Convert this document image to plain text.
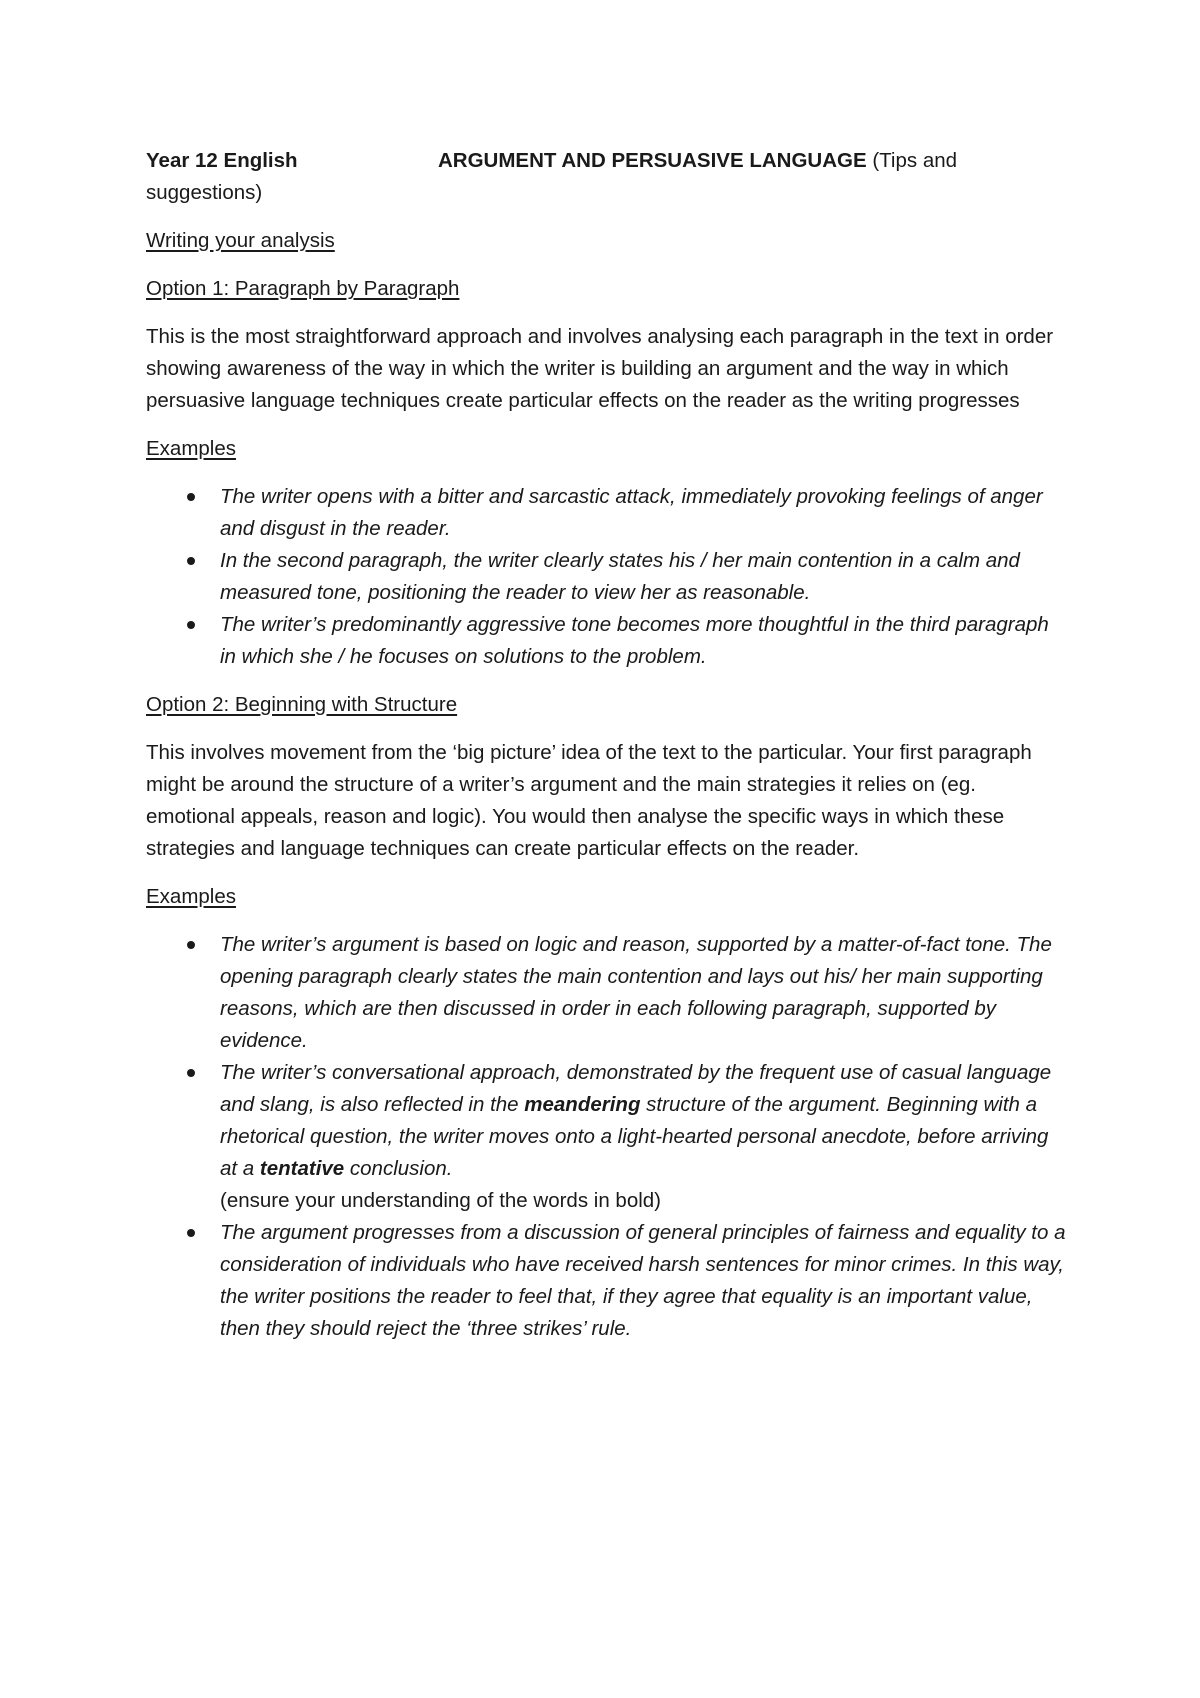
Year 12 English	ARGUMENT AND PERSUASIVE LANGUAGE (Tips and
suggestions)
Writing your analysis
Option 1: Paragraph by Paragraph
This is the most straightforward approach and involves analysing each paragraph in the text in order showing awareness of the way in which the writer is building an argument and the way in which persuasive language techniques create particular effects on the reader as the writing progresses
Examples
The writer opens with a bitter and sarcastic attack, immediately provoking feelings of anger and disgust in the reader.
In the second paragraph, the writer clearly states his / her main contention in a calm and measured tone, positioning the reader to view her as reasonable.
The writer’s predominantly aggressive tone becomes more thoughtful in the third paragraph in which she / he focuses on solutions to the problem.
Option 2: Beginning with Structure
This involves movement from the ‘big picture’ idea of the text to the particular. Your first paragraph might be around the structure of a writer’s argument and the main strategies it relies on (eg. emotional appeals, reason and logic). You would then analyse the specific ways in which these strategies and language techniques can create particular effects on the reader.
Examples
The writer’s argument is based on logic and reason, supported by a matter-of-fact tone. The opening paragraph clearly states the main contention and lays out his/ her main supporting reasons, which are then discussed in order in each following paragraph, supported by evidence.
The writer’s conversational approach, demonstrated by the frequent use of casual language and slang, is also reflected in the meandering structure of the argument. Beginning with a rhetorical question, the writer moves onto a light-hearted personal anecdote, before arriving at a tentative conclusion.
(ensure your understanding of the words in bold)
The argument progresses from a discussion of general principles of fairness and equality to a consideration of individuals who have received harsh sentences for minor crimes. In this way, the writer positions the reader to feel that, if they agree that equality is an important value, then they should reject the ‘three strikes’ rule.
